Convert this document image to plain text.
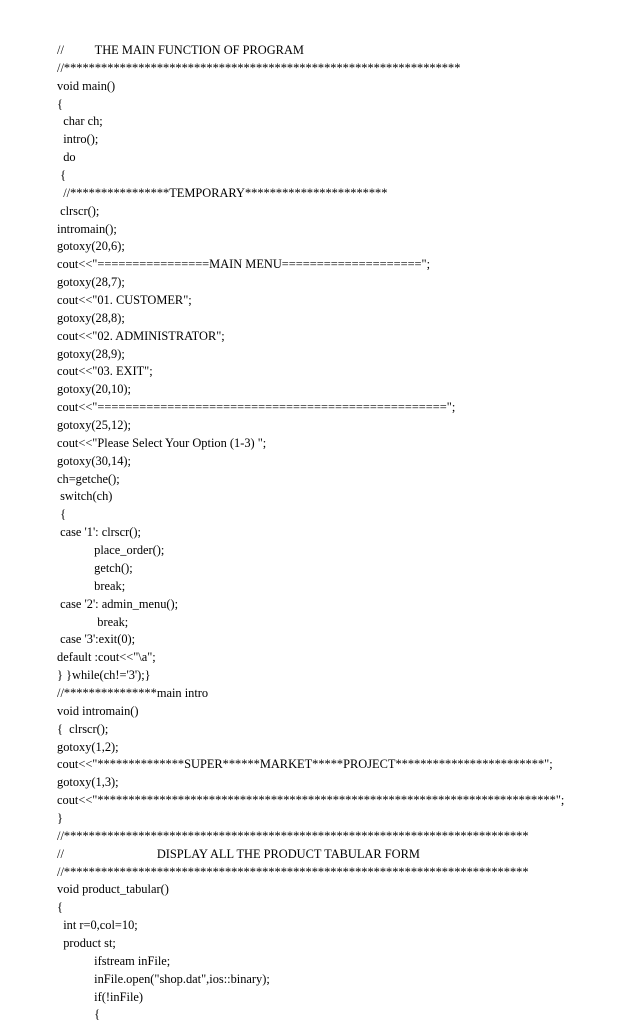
//          THE MAIN FUNCTION OF PROGRAM
//****************************************************************
void main()
{
char ch;
intro();
do
{
//****************TEMPORARY***********************
clrscr();
intromain();
gotoxy(20,6);
cout<<"================MAIN MENU====================";
gotoxy(28,7);
cout<<"01. CUSTOMER";
gotoxy(28,8);
cout<<"02. ADMINISTRATOR";
gotoxy(28,9);
cout<<"03. EXIT";
gotoxy(20,10);
cout<<"==================================================";
gotoxy(25,12);
cout<<"Please Select Your Option (1-3) ";
gotoxy(30,14);
ch=getche();
switch(ch)
{
case '1': clrscr();
place_order();
getch();
break;
case '2': admin_menu();
break;
case '3':exit(0);
default :cout<<"\a";
} }while(ch!='3');}
//***************main intro
void intromain()
{  clrscr();
gotoxy(1,2);
cout<<"**************SUPER******MARKET*****PROJECT************************";
gotoxy(1,3);
cout<<"**************************************************************************";
}
//***************************************************************************
//                              DISPLAY ALL THE PRODUCT TABULAR FORM
//***************************************************************************
void product_tabular()
{
int r=0,col=10;
product st;
ifstream inFile;
inFile.open("shop.dat",ios::binary);
if(!inFile)
{
